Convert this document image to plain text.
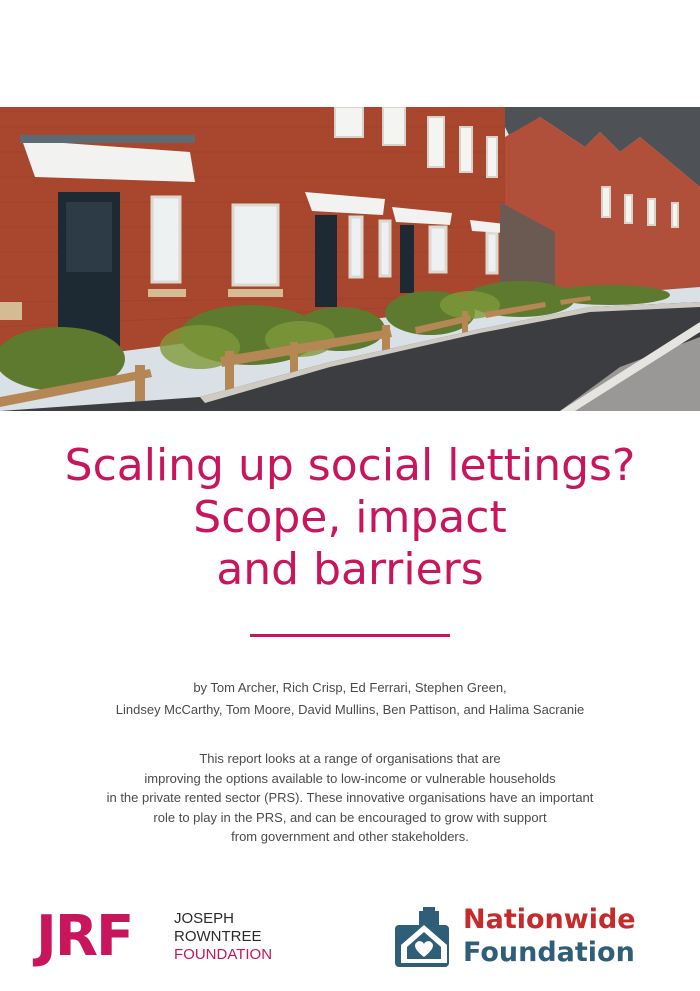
Scaling up social lettings?
Scope, impact
and barriers
by Tom Archer, Rich Crisp, Ed Ferrari, Stephen Green,
Lindsey McCarthy, Tom Moore, David Mullins, Ben Pattison, and Halima Sacranie
This report looks at a range of organisations that are
improving the options available to low-income or vulnerable households
in the private rented sector (PRS). These innovative organisations have an important
role to play in the PRS, and can be encouraged to grow with support
from government and other stakeholders.
JRF	JOSEPH
ROWNTREE
FOUNDATION
Nationwide
Foundation
